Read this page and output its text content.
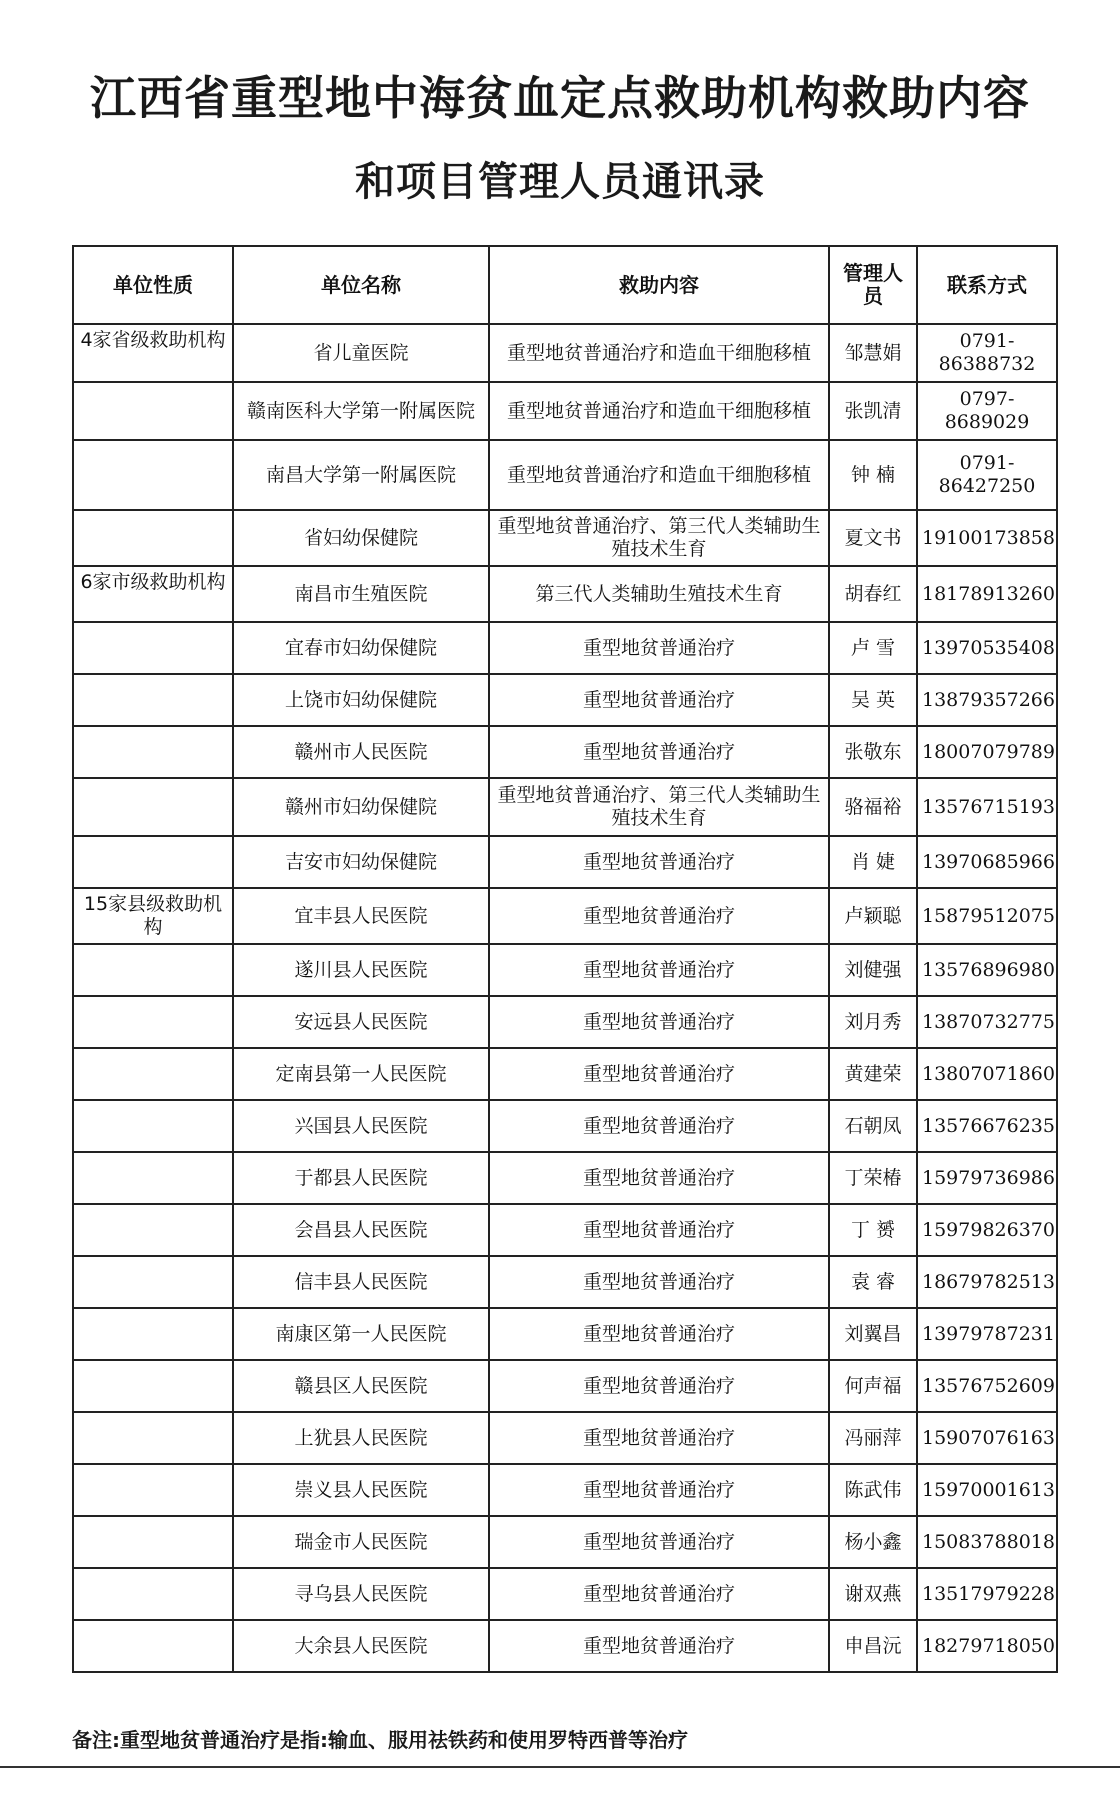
江西省重型地中海贫血定点救助机构救助内容
和项目管理人员通讯录
单位性质	单位名称	救助内容	管理人员	联系方式
4家省级救助机构	省儿童医院	重型地贫普通治疗和造血干细胞移植	邹慧娟	0791-86388732
	赣南医科大学第一附属医院	重型地贫普通治疗和造血干细胞移植	张凯清	0797-8689029
	南昌大学第一附属医院	重型地贫普通治疗和造血干细胞移植	钟 楠	0791-86427250
	省妇幼保健院	重型地贫普通治疗、第三代人类辅助生殖技术生育	夏文书	19100173858
6家市级救助机构	南昌市生殖医院	第三代人类辅助生殖技术生育	胡春红	18178913260
	宜春市妇幼保健院	重型地贫普通治疗	卢 雪	13970535408
	上饶市妇幼保健院	重型地贫普通治疗	吴 英	13879357266
	赣州市人民医院	重型地贫普通治疗	张敬东	18007079789
	赣州市妇幼保健院	重型地贫普通治疗、第三代人类辅助生殖技术生育	骆福裕	13576715193
	吉安市妇幼保健院	重型地贫普通治疗	肖 婕	13970685966
15家县级救助机构	宜丰县人民医院	重型地贫普通治疗	卢颖聪	15879512075
	遂川县人民医院	重型地贫普通治疗	刘健强	13576896980
	安远县人民医院	重型地贫普通治疗	刘月秀	13870732775
	定南县第一人民医院	重型地贫普通治疗	黄建荣	13807071860
	兴国县人民医院	重型地贫普通治疗	石朝凤	13576676235
	于都县人民医院	重型地贫普通治疗	丁荣椿	15979736986
	会昌县人民医院	重型地贫普通治疗	丁 赟	15979826370
	信丰县人民医院	重型地贫普通治疗	袁 睿	18679782513
	南康区第一人民医院	重型地贫普通治疗	刘翼昌	13979787231
	赣县区人民医院	重型地贫普通治疗	何声福	13576752609
	上犹县人民医院	重型地贫普通治疗	冯丽萍	15907076163
	崇义县人民医院	重型地贫普通治疗	陈武伟	15970001613
	瑞金市人民医院	重型地贫普通治疗	杨小鑫	15083788018
	寻乌县人民医院	重型地贫普通治疗	谢双燕	13517979228
	大余县人民医院	重型地贫普通治疗	申昌沅	18279718050
备注:重型地贫普通治疗是指:输血、服用祛铁药和使用罗特西普等治疗
